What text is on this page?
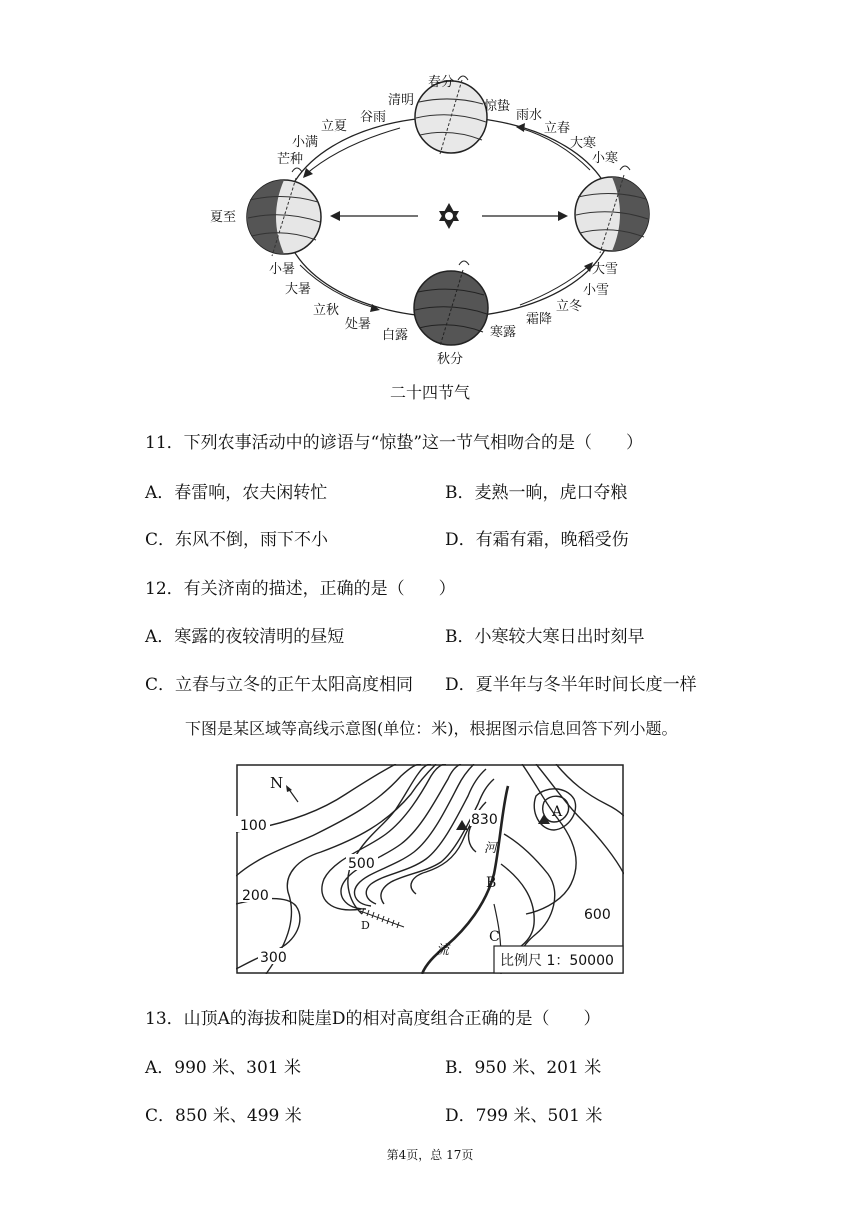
春分
惊蛰
雨水
立春
大寒
小寒
清明
谷雨
立夏
小满
芒种
夏至
小暑
大暑
立秋
处暑
白露
秋分
寒露
霜降
立冬
小雪
大雪
二十四节气
11．下列农事活动中的谚语与“惊蛰”这一节气相吻合的是（　　）
A．春雷响，农夫闲转忙	B．麦熟一晌，虎口夺粮
C．东风不倒，雨下不小	D．有霜有霜，晚稻受伤
12．有关济南的描述，正确的是（　　）
A．寒露的夜较清明的昼短	B．小寒较大寒日出时刻早
C．立春与立冬的正午太阳高度相同 D．夏半年与冬半年时间长度一样
下图是某区域等高线示意图(单位：米)，根据图示信息回答下列小题。
N
100
200
300
500
600
830	A
B
C
D
河
流
比例尺 1：50000
13．山顶A的海拔和陡崖D的相对高度组合正确的是（　　）
A．990 米、301 米	B．950 米、201 米
C．850 米、499 米	D．799 米、501 米
第4页，总 17页
